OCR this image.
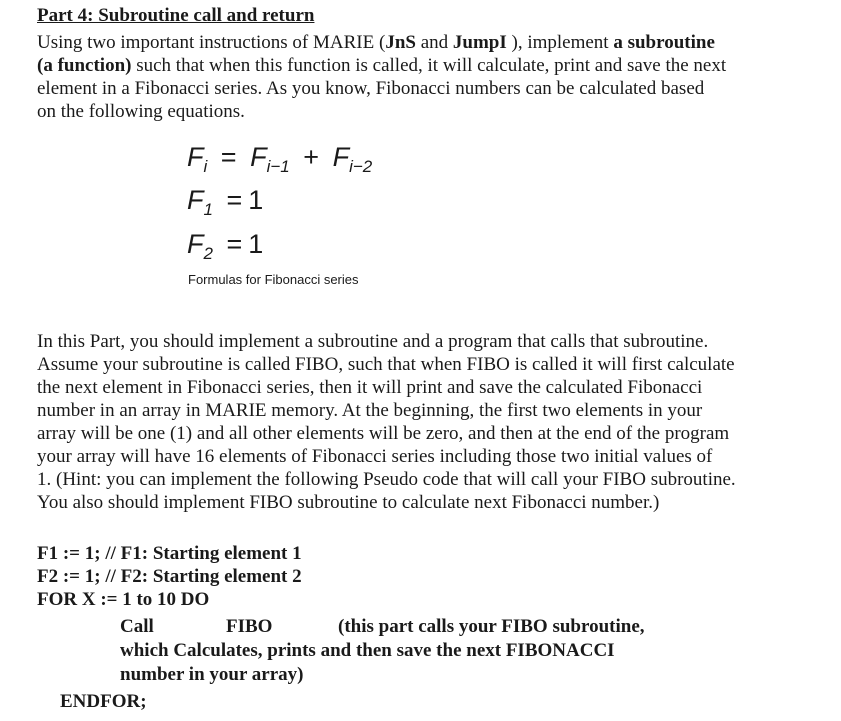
Part 4: Subroutine call and return
Using two important instructions of MARIE (JnS and JumpI ), implement a subroutine
(a function) such that when this function is called, it will calculate, print and save the next
element in a Fibonacci series. As you know, Fibonacci numbers can be calculated based
on the following equations.
$F_i = F_{i-1} + F_{i-2}$
$F_1 = 1$
$F_2 = 1$
Formulas for Fibonacci series
In this Part, you should implement a subroutine and a program that calls that subroutine.
Assume your subroutine is called FIBO, such that when FIBO is called it will first calculate
the next element in Fibonacci series, then it will print and save the calculated Fibonacci
number in an array in MARIE memory. At the beginning, the first two elements in your
array will be one (1) and all other elements will be zero, and then at the end of the program
your array will have 16 elements of Fibonacci series including those two initial values of
1. (Hint: you can implement the following Pseudo code that will call your FIBO subroutine.
You also should implement FIBO subroutine to calculate next Fibonacci number.)
F1 := 1; // F1: Starting element 1
F2 := 1; // F2: Starting element 2
FOR X := 1 to 10 DO
Call	FIBO	(this part calls your FIBO subroutine,
which Calculates, prints and then save the next FIBONACCI
number in your array)
ENDFOR;
